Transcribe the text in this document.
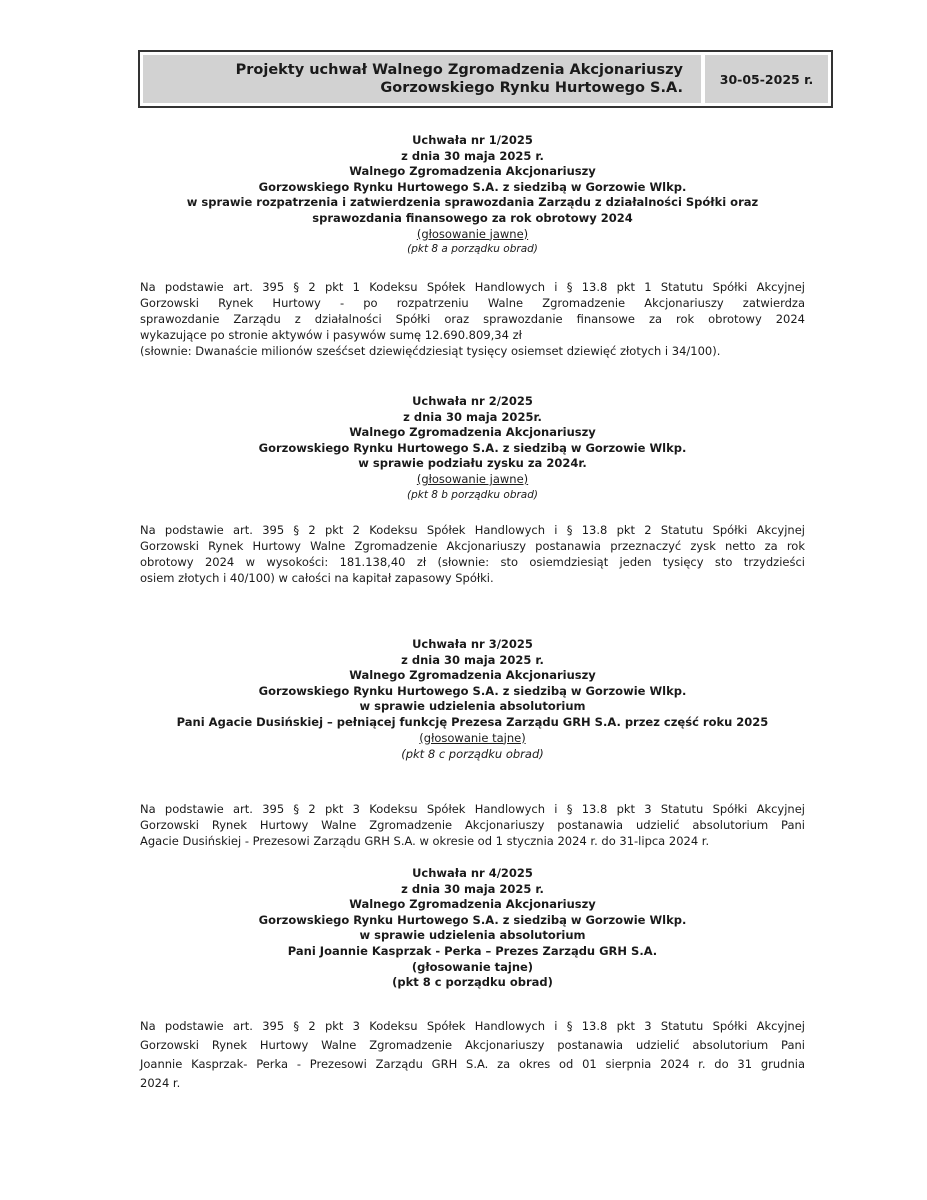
Projekty uchwał Walnego Zgromadzenia Akcjonariuszy
Gorzowskiego Rynku Hurtowego S.A.
30-05-2025 r.
Uchwała nr 1/2025
z dnia 30 maja 2025 r.
Walnego Zgromadzenia Akcjonariuszy
Gorzowskiego Rynku Hurtowego S.A. z siedzibą w Gorzowie Wlkp.
w sprawie rozpatrzenia i zatwierdzenia sprawozdania Zarządu z działalności Spółki oraz
sprawozdania finansowego za rok obrotowy 2024
(głosowanie jawne)
(pkt 8 a porządku obrad)
Na podstawie art. 395 § 2 pkt 1 Kodeksu Spółek Handlowych i § 13.8 pkt 1 Statutu Spółki Akcyjnej
Gorzowski Rynek Hurtowy - po rozpatrzeniu Walne Zgromadzenie Akcjonariuszy zatwierdza
sprawozdanie Zarządu z działalności Spółki oraz sprawozdanie finansowe za rok obrotowy 2024
wykazujące po stronie aktywów i pasywów sumę 12.690.809,34 zł
(słownie: Dwanaście milionów sześćset dziewięćdziesiąt tysięcy osiemset dziewięć złotych i 34/100).
Uchwała nr 2/2025
z dnia 30 maja 2025r.
Walnego Zgromadzenia Akcjonariuszy
Gorzowskiego Rynku Hurtowego S.A. z siedzibą w Gorzowie Wlkp.
w sprawie podziału zysku za 2024r.
(głosowanie jawne)
(pkt 8 b porządku obrad)
Na podstawie art. 395 § 2 pkt 2 Kodeksu Spółek Handlowych i § 13.8 pkt 2 Statutu Spółki Akcyjnej
Gorzowski Rynek Hurtowy Walne Zgromadzenie Akcjonariuszy postanawia przeznaczyć zysk netto za rok
obrotowy 2024 w wysokości: 181.138,40 zł (słownie: sto osiemdziesiąt jeden tysięcy sto trzydzieści
osiem złotych i 40/100) w całości na kapitał zapasowy Spółki.
Uchwała nr 3/2025
z dnia 30 maja 2025 r.
Walnego Zgromadzenia Akcjonariuszy
Gorzowskiego Rynku Hurtowego S.A. z siedzibą w Gorzowie Wlkp.
w sprawie udzielenia absolutorium
Pani Agacie Dusińskiej – pełniącej funkcję Prezesa Zarządu GRH S.A. przez część roku 2025
(głosowanie tajne)
(pkt 8 c porządku obrad)
Na podstawie art. 395 § 2 pkt 3 Kodeksu Spółek Handlowych i § 13.8 pkt 3 Statutu Spółki Akcyjnej
Gorzowski Rynek Hurtowy Walne Zgromadzenie Akcjonariuszy postanawia udzielić absolutorium Pani
Agacie Dusińskiej - Prezesowi Zarządu GRH S.A. w okresie od 1 stycznia 2024 r. do 31-lipca 2024 r.
Uchwała nr 4/2025
z dnia 30 maja 2025 r.
Walnego Zgromadzenia Akcjonariuszy
Gorzowskiego Rynku Hurtowego S.A. z siedzibą w Gorzowie Wlkp.
w sprawie udzielenia absolutorium
Pani Joannie Kasprzak - Perka – Prezes Zarządu GRH S.A.
(głosowanie tajne)
(pkt 8 c porządku obrad)
Na podstawie art. 395 § 2 pkt 3 Kodeksu Spółek Handlowych i § 13.8 pkt 3 Statutu Spółki Akcyjnej
Gorzowski Rynek Hurtowy Walne Zgromadzenie Akcjonariuszy postanawia udzielić absolutorium Pani
Joannie Kasprzak- Perka - Prezesowi Zarządu GRH S.A. za okres od 01 sierpnia 2024 r. do 31 grudnia
2024 r.
